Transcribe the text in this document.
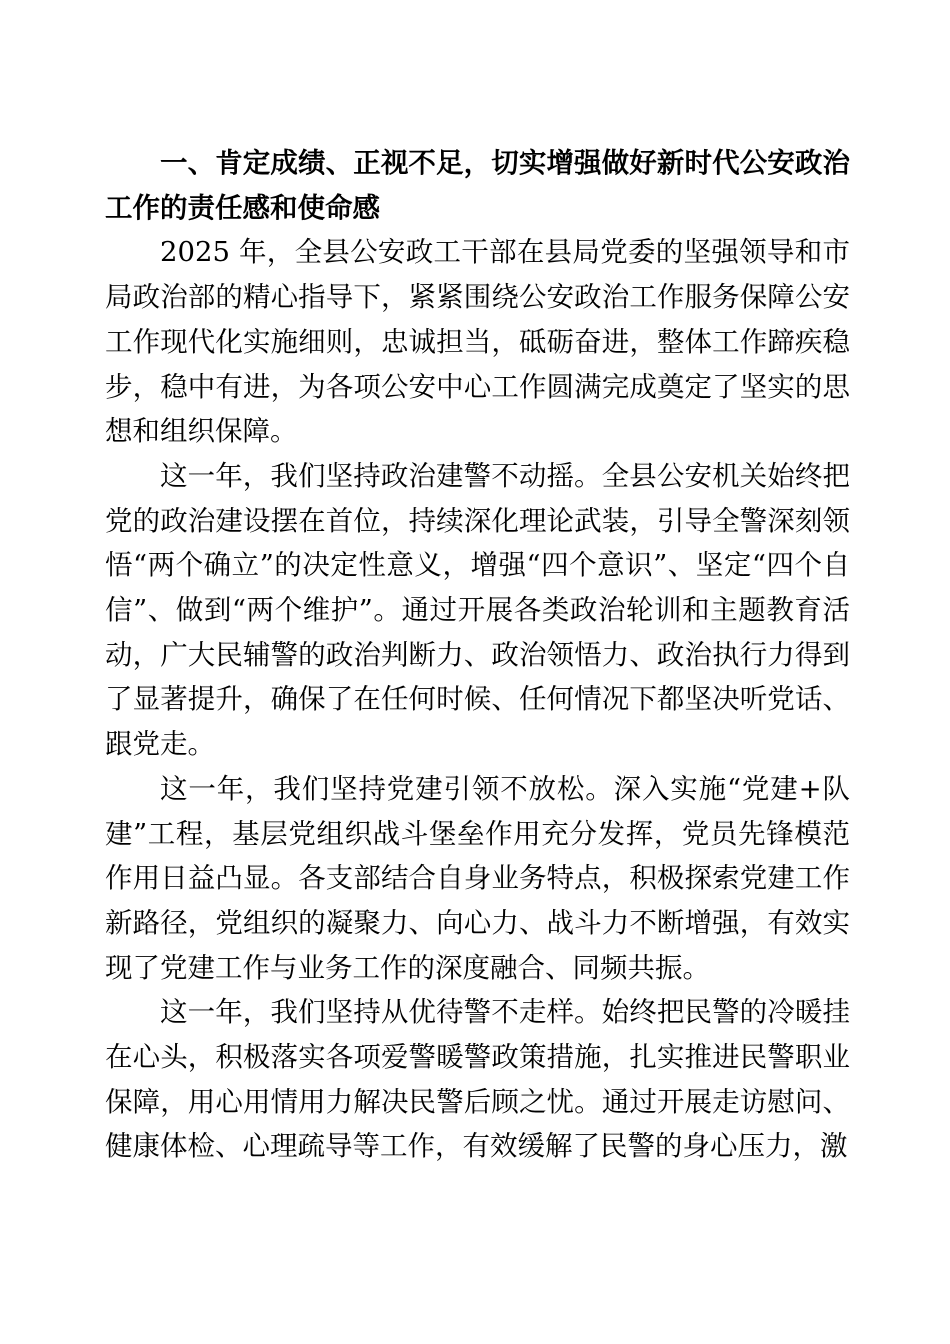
一、肯定成绩、正视不足，切实增强做好新时代公安政治工作的责任感和使命感

2025 年，全县公安政工干部在县局党委的坚强领导和市局政治部的精心指导下，紧紧围绕公安政治工作服务保障公安工作现代化实施细则，忠诚担当，砥砺奋进，整体工作蹄疾稳步，稳中有进，为各项公安中心工作圆满完成奠定了坚实的思想和组织保障。

这一年，我们坚持政治建警不动摇。全县公安机关始终把党的政治建设摆在首位，持续深化理论武装，引导全警深刻领悟“两个确立”的决定性意义，增强“四个意识”、坚定“四个自信”、做到“两个维护”。通过开展各类政治轮训和主题教育活动，广大民辅警的政治判断力、政治领悟力、政治执行力得到了显著提升，确保了在任何时候、任何情况下都坚决听党话、跟党走。

这一年，我们坚持党建引领不放松。深入实施“党建+队建”工程，基层党组织战斗堡垒作用充分发挥，党员先锋模范作用日益凸显。各支部结合自身业务特点，积极探索党建工作新路径，党组织的凝聚力、向心力、战斗力不断增强，有效实现了党建工作与业务工作的深度融合、同频共振。

这一年，我们坚持从优待警不走样。始终把民警的冷暖挂在心头，积极落实各项爱警暖警政策措施，扎实推进民警职业保障，用心用情用力解决民警后顾之忧。通过开展走访慰问、健康体检、心理疏导等工作，有效缓解了民警的身心压力，激
